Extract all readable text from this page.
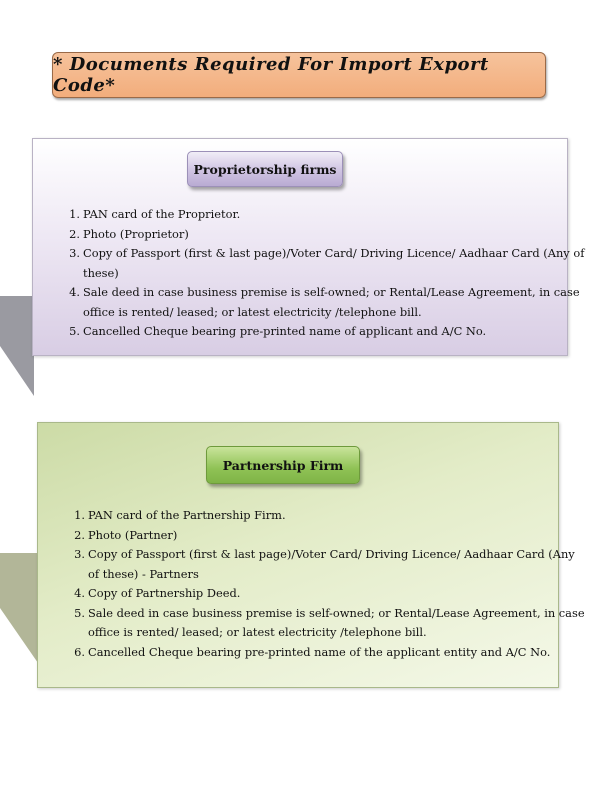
* Documents Required For Import Export Code*
Proprietorship firms
1. PAN card of the Proprietor.
2. Photo (Proprietor)
3. Copy of Passport (first & last page)/Voter Card/ Driving Licence/ Aadhaar Card (Any of these)
4. Sale deed in case business premise is self-owned; or Rental/Lease Agreement, in case office is rented/ leased; or latest electricity /telephone bill.
5. Cancelled Cheque bearing pre-printed name of applicant and A/C No.
Partnership Firm
1. PAN card of the Partnership Firm.
2. Photo (Partner)
3. Copy of Passport (first & last page)/Voter Card/ Driving Licence/ Aadhaar Card (Any of these) - Partners
4. Copy of Partnership Deed.
5. Sale deed in case business premise is self-owned; or Rental/Lease Agreement, in case office is rented/ leased; or latest electricity /telephone bill.
6. Cancelled Cheque bearing pre-printed name of the applicant entity and A/C No.
